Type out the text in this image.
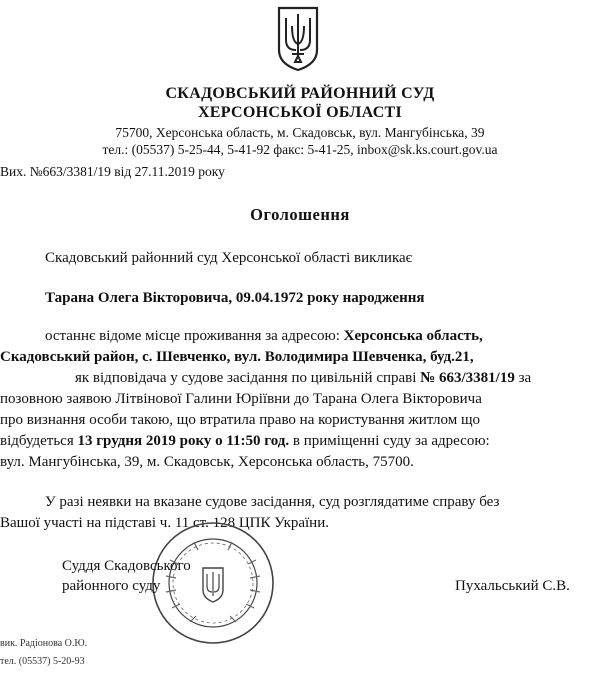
СКАДОВСЬКИЙ РАЙОННИЙ СУД
ХЕРСОНСЬКОЇ ОБЛАСТІ
75700, Херсонська область, м. Скадовськ, вул. Мангубінська, 39
тел.: (05537) 5-25-44, 5-41-92 факс: 5-41-25, inbox@sk.ks.court.gov.ua
Вих. №663/3381/19 від 27.11.2019 року
Оголошення
Скадовський районний суд Херсонської області викликає
Тарана Олега Вікторовича, 09.04.1972 року народження
останнє відоме місце проживання за адресою: Херсонська область,
Скадовський район, с. Шевченко, вул. Володимира Шевченка, буд.21,
як відповідача у судове засідання по цивільній справі № 663/3381/19 за
позовною заявою Літвінової Галини Юріївни до Тарана Олега Вікторовича
про визнання особи такою, що втратила право на користування житлом що
відбудеться 13 грудня 2019 року о 11:50 год. в приміщенні суду за адресою:
вул. Мангубінська, 39, м. Скадовськ, Херсонська область, 75700.
У разі неявки на вказане судове засідання, суд розглядатиме справу без
Вашої участі на підставі ч. 11 ст. 128 ЦПК України.
Суддя Скадовського
районного суду	Пухальський С.В.
вик. Радіонова О.Ю.
тел. (05537) 5-20-93
